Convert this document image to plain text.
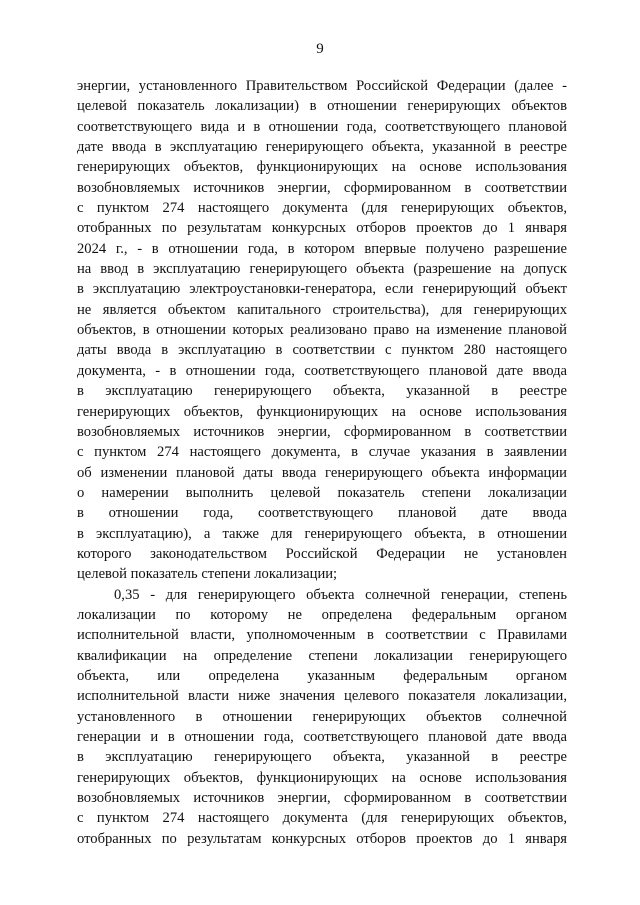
9
энергии, установленного Правительством Российской Федерации (далее -
целевой показатель локализации) в отношении генерирующих объектов
соответствующего вида и в отношении года, соответствующего плановой
дате ввода в эксплуатацию генерирующего объекта, указанной в реестре
генерирующих объектов, функционирующих на основе использования
возобновляемых источников энергии, сформированном в соответствии
с пунктом 274 настоящего документа (для генерирующих объектов,
отобранных по результатам конкурсных отборов проектов до 1 января
2024 г., - в отношении года, в котором впервые получено разрешение
на ввод в эксплуатацию генерирующего объекта (разрешение на допуск
в эксплуатацию электроустановки-генератора, если генерирующий объект
не является объектом капитального строительства), для генерирующих
объектов, в отношении которых реализовано право на изменение плановой
даты ввода в эксплуатацию в соответствии с пунктом 280 настоящего
документа, - в отношении года, соответствующего плановой дате ввода
в эксплуатацию генерирующего объекта, указанной в реестре
генерирующих объектов, функционирующих на основе использования
возобновляемых источников энергии, сформированном в соответствии
с пунктом 274 настоящего документа, в случае указания в заявлении
об изменении плановой даты ввода генерирующего объекта информации
о намерении выполнить целевой показатель степени локализации
в отношении года, соответствующего плановой дате ввода
в эксплуатацию), а также для генерирующего объекта, в отношении
которого законодательством Российской Федерации не установлен
целевой показатель степени локализации;
0,35 - для генерирующего объекта солнечной генерации, степень
локализации по которому не определена федеральным органом
исполнительной власти, уполномоченным в соответствии с Правилами
квалификации на определение степени локализации генерирующего
объекта, или определена указанным федеральным органом
исполнительной власти ниже значения целевого показателя локализации,
установленного в отношении генерирующих объектов солнечной
генерации и в отношении года, соответствующего плановой дате ввода
в эксплуатацию генерирующего объекта, указанной в реестре
генерирующих объектов, функционирующих на основе использования
возобновляемых источников энергии, сформированном в соответствии
с пунктом 274 настоящего документа (для генерирующих объектов,
отобранных по результатам конкурсных отборов проектов до 1 января
